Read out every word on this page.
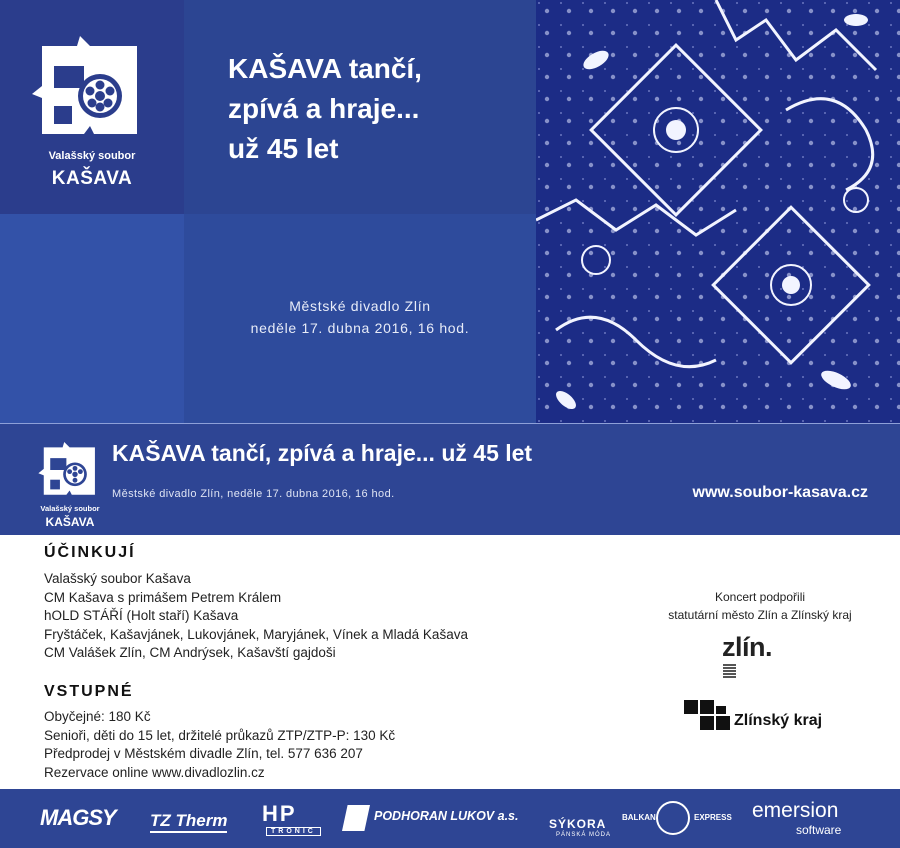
Valašský soubor
KAŠAVA
KAŠAVA tančí,
zpívá a hraje...
už 45 let
Městské divadlo Zlín
neděle 17. dubna 2016, 16 hod.
Valašský soubor
KAŠAVA
KAŠAVA tančí, zpívá a hraje... už 45 let
Městské divadlo Zlín, neděle 17. dubna 2016, 16 hod.	www.soubor-kasava.cz
ÚČINKUJÍ
Valašský soubor Kašava
CM Kašava s primášem Petrem Králem
hOLD STÁŘÍ (Holt staří) Kašava
Fryštáček, Kašavjánek, Lukovjánek, Maryjánek, Vínek a Mladá Kašava
CM Valášek Zlín, CM Andrýsek, Kašavští gajdoši
VSTUPNÉ
Obyčejné: 180 Kč
Senioři, děti do 15 let, držitelé průkazů ZTP/ZTP-P: 130 Kč
Předprodej v Městském divadle Zlín, tel. 577 636 207
Rezervace online www.divadlozlin.cz
Koncert podpořili
statutární město Zlín a Zlínský kraj
zlín.
Zlínský kraj
MAGSY TZ Therm HP
TRONIC
PODHORAN LUKOV a.s.
SÝKORA
PÁNSKÁ MÓDA
BALKAN	EXPRESS emersion
software
